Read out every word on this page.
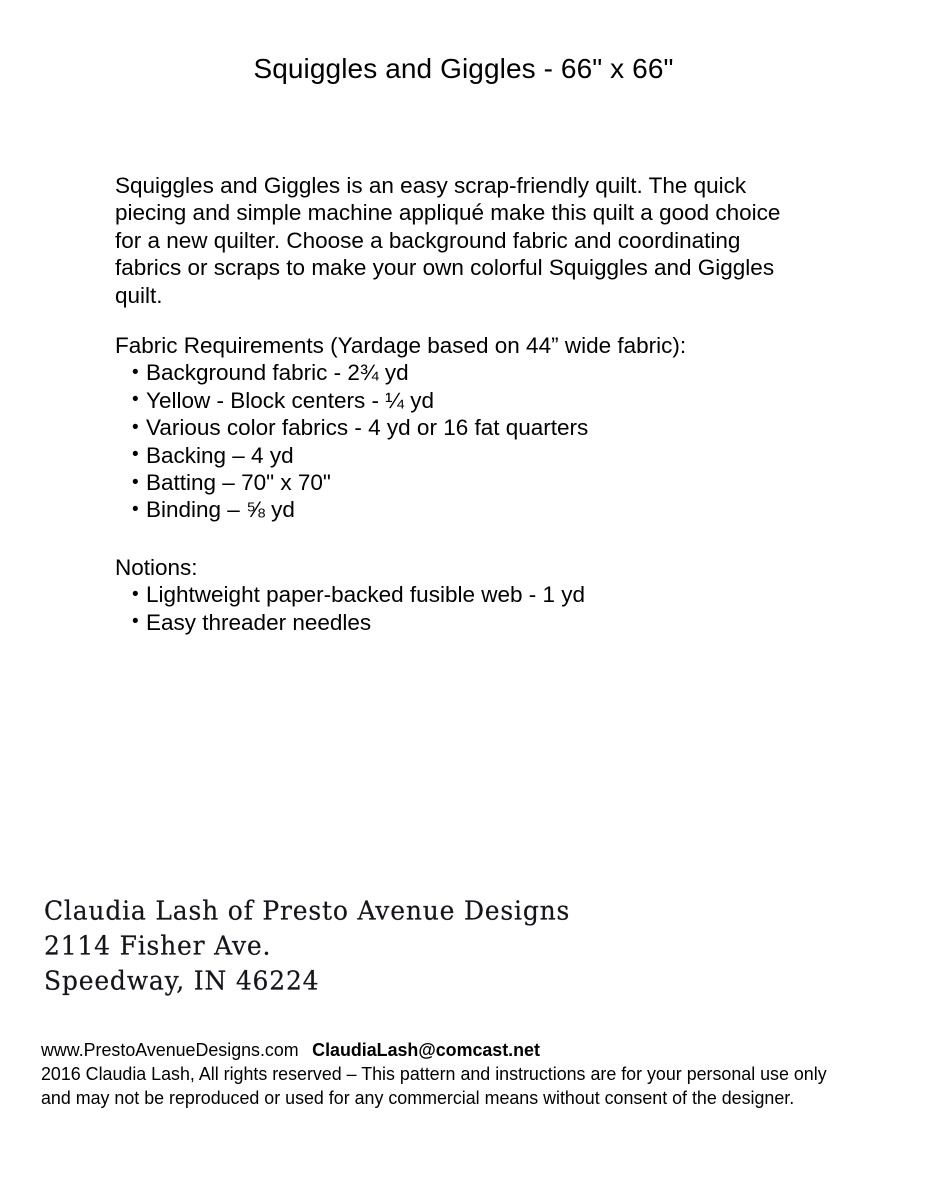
Squiggles and Giggles - 66" x 66"

Squiggles and Giggles is an easy scrap-friendly quilt. The quick piecing and simple machine appliqué make this quilt a good choice for a new quilter. Choose a background fabric and coordinating fabrics or scraps to make your own colorful Squiggles and Giggles quilt.

Fabric Requirements (Yardage based on 44” wide fabric):

• Background fabric - 2¾ yd
• Yellow - Block centers - ¼ yd
• Various color fabrics - 4 yd or 16 fat quarters
• Backing – 4 yd
• Batting – 70" x 70"
• Binding – ⅝ yd

Notions:

• Lightweight paper-backed fusible web - 1 yd
• Easy threader needles
Claudia Lash of Presto Avenue Designs
2114 Fisher Ave.
Speedway, IN 46224
www.PrestoAvenueDesigns.com ClaudiaLash@comcast.net
2016 Claudia Lash, All rights reserved – This pattern and instructions are for your personal use only
and may not be reproduced or used for any commercial means without consent of the designer.
